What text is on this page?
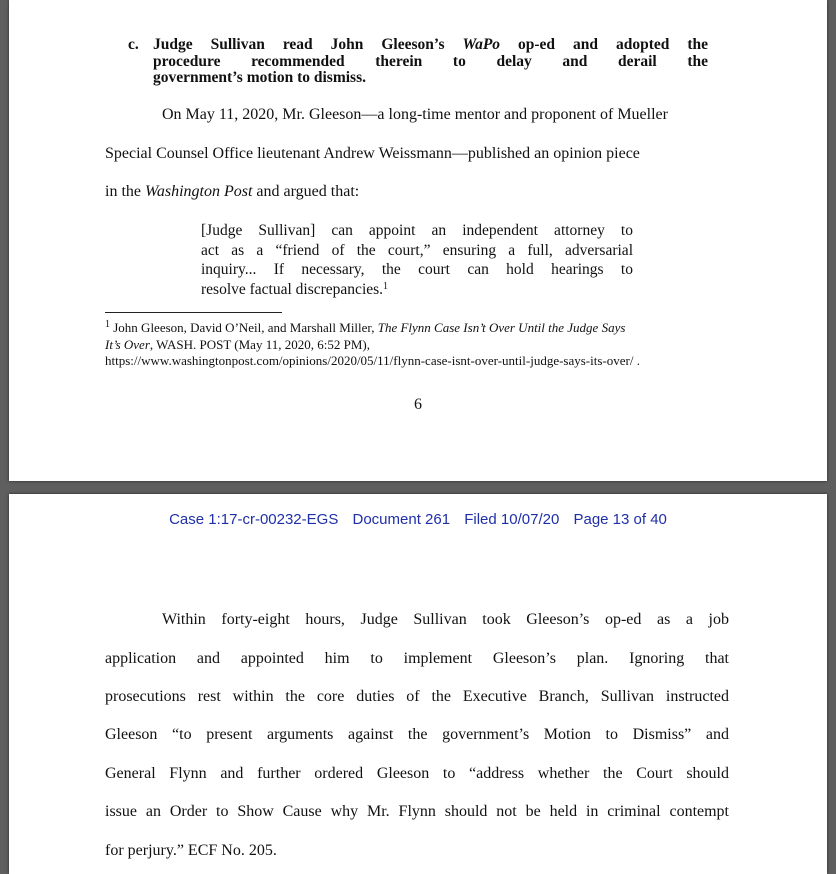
c. Judge Sullivan read John Gleeson’s WaPo op-ed and adopted the
procedure recommended therein to delay and derail the
government’s motion to dismiss.
On May 11, 2020, Mr. Gleeson—a long-time mentor and proponent of Mueller
Special Counsel Office lieutenant Andrew Weissmann—published an opinion piece
in the Washington Post and argued that:
[Judge Sullivan] can appoint an independent attorney to
act as a “friend of the court,” ensuring a full, adversarial
inquiry... If necessary, the court can hold hearings to
resolve factual discrepancies.$^1$
$^1$ John Gleeson, David O’Neil, and Marshall Miller, The Flynn Case Isn’t Over Until the Judge Says
It’s Over, WASH. POST (May 11, 2020, 6:52 PM),
https://www.washingtonpost.com/opinions/2020/05/11/flynn-case-isnt-over-until-judge-says-its-over/ .
6
Case 1:17-cr-00232-EGS Document 261 Filed 10/07/20 Page 13 of 40
Within forty-eight hours, Judge Sullivan took Gleeson’s op-ed as a job
application and appointed him to implement Gleeson’s plan. Ignoring that
prosecutions rest within the core duties of the Executive Branch, Sullivan instructed
Gleeson “to present arguments against the government’s Motion to Dismiss” and
General Flynn and further ordered Gleeson to “address whether the Court should
issue an Order to Show Cause why Mr. Flynn should not be held in criminal contempt
for perjury.” ECF No. 205.
